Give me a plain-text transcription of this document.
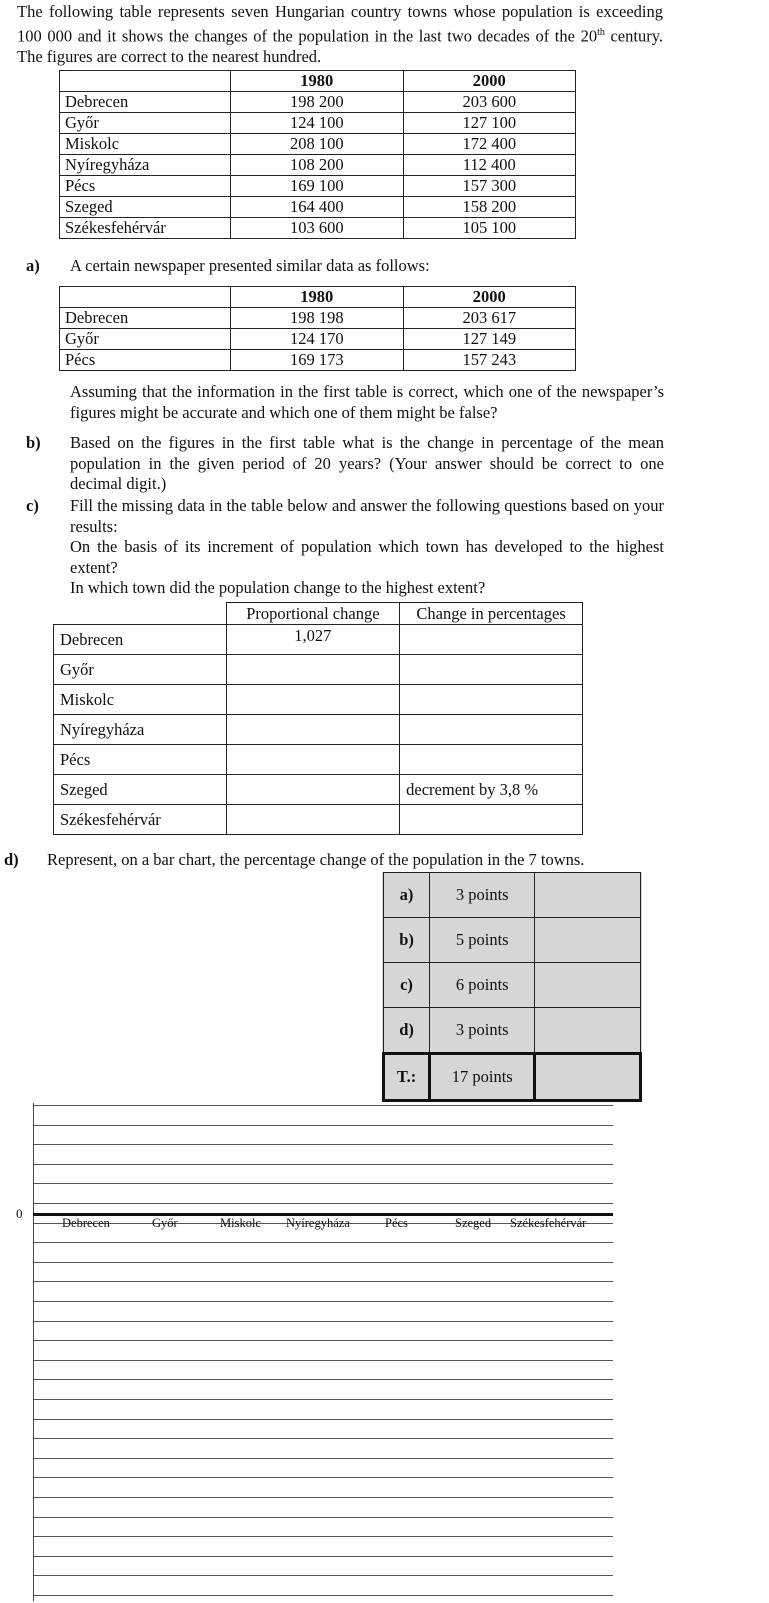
The following table represents seven Hungarian country towns whose population is exceeding 100 000 and it shows the changes of the population in the last two decades of the 20th century. The figures are correct to the nearest hundred.
	1980	2000
Debrecen	198 200	203 600
Győr	124 100	127 100
Miskolc	208 100	172 400
Nyíregyháza	108 200	112 400
Pécs	169 100	157 300
Szeged	164 400	158 200
Székesfehérvár	103 600	105 100
a) A certain newspaper presented similar data as follows:
	1980	2000
Debrecen	198 198	203 617
Győr	124 170	127 149
Pécs	169 173	157 243
Assuming that the information in the first table is correct, which one of the newspaper’s figures might be accurate and which one of them might be false?
b) Based on the figures in the first table what is the change in percentage of the mean population in the given period of 20 years? (Your answer should be correct to one decimal digit.)
c) Fill the missing data in the table below and answer the following questions based on your results:
On the basis of its increment of population which town has developed to the highest extent?
In which town did the population change to the highest extent?
	Proportional change	Change in percentages
Debrecen	1,027	
Győr		
Miskolc		
Nyíregyháza		
Pécs		
Szeged		decrement by 3,8 %
Székesfehérvár		
d) Represent, on a bar chart, the percentage change of the population in the 7 towns.
a)	3 points	
b)	5 points	
c)	6 points	
d)	3 points	
T.:	17 points	
Debrecen	Győr	Miskolc Nyíregyháza	Pécs	Szeged Székesfehérvár
0
